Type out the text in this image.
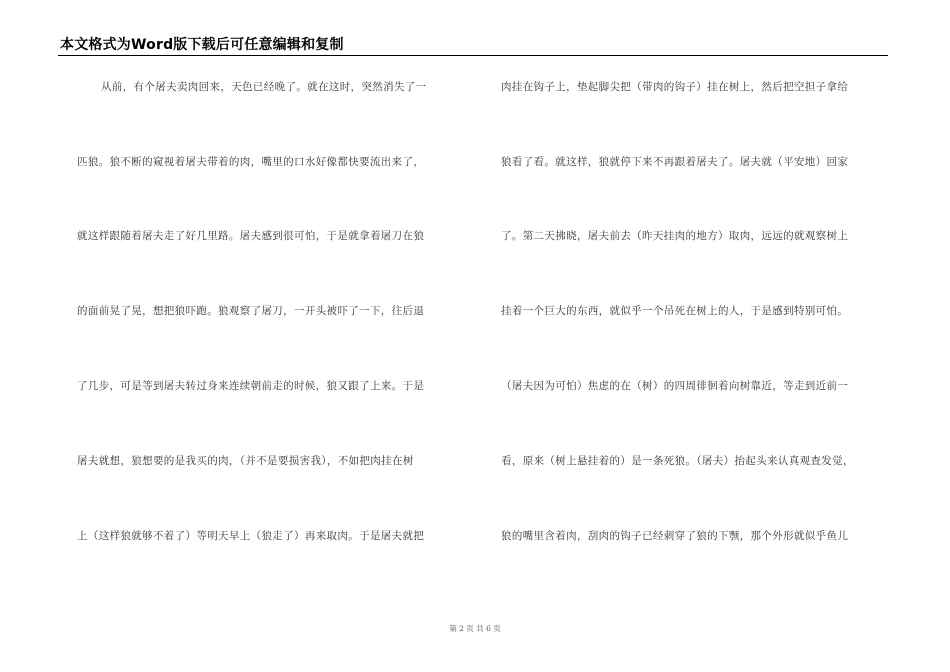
本文格式为Word版下载后可任意编辑和复制
从前，有个屠夫卖肉回来，天色已经晚了。就在这时，突然消失了一
匹狼。狼不断的窥视着屠夫带着的肉，嘴里的口水好像都快要流出来了，
就这样跟随着屠夫走了好几里路。屠夫感到很可怕，于是就拿着屠刀在狼
的面前晃了晃，想把狼吓跑。狼观察了屠刀，一开头被吓了一下，往后退
了几步，可是等到屠夫转过身来连续朝前走的时候，狼又跟了上来。于是
屠夫就想，狼想要的是我买的肉，（并不是要损害我），不如把肉挂在树
上（这样狼就够不着了）等明天早上（狼走了）再来取肉。于是屠夫就把
肉挂在钩子上，垫起脚尖把（带肉的钩子）挂在树上，然后把空担子拿给
狼看了看。就这样，狼就停下来不再跟着屠夫了。屠夫就（平安地）回家
了。第二天拂晓，屠夫前去（昨天挂肉的地方）取肉，远远的就观察树上
挂着一个巨大的东西，就似乎一个吊死在树上的人，于是感到特别可怕。
（屠夫因为可怕）焦虑的在（树）的四周徘徊着向树靠近，等走到近前一
看，原来（树上悬挂着的）是一条死狼。（屠夫）抬起头来认真观查发觉，
狼的嘴里含着肉，刮肉的钩子已经刺穿了狼的下颚，那个外形就似乎鱼儿
第 2 页 共 6 页
